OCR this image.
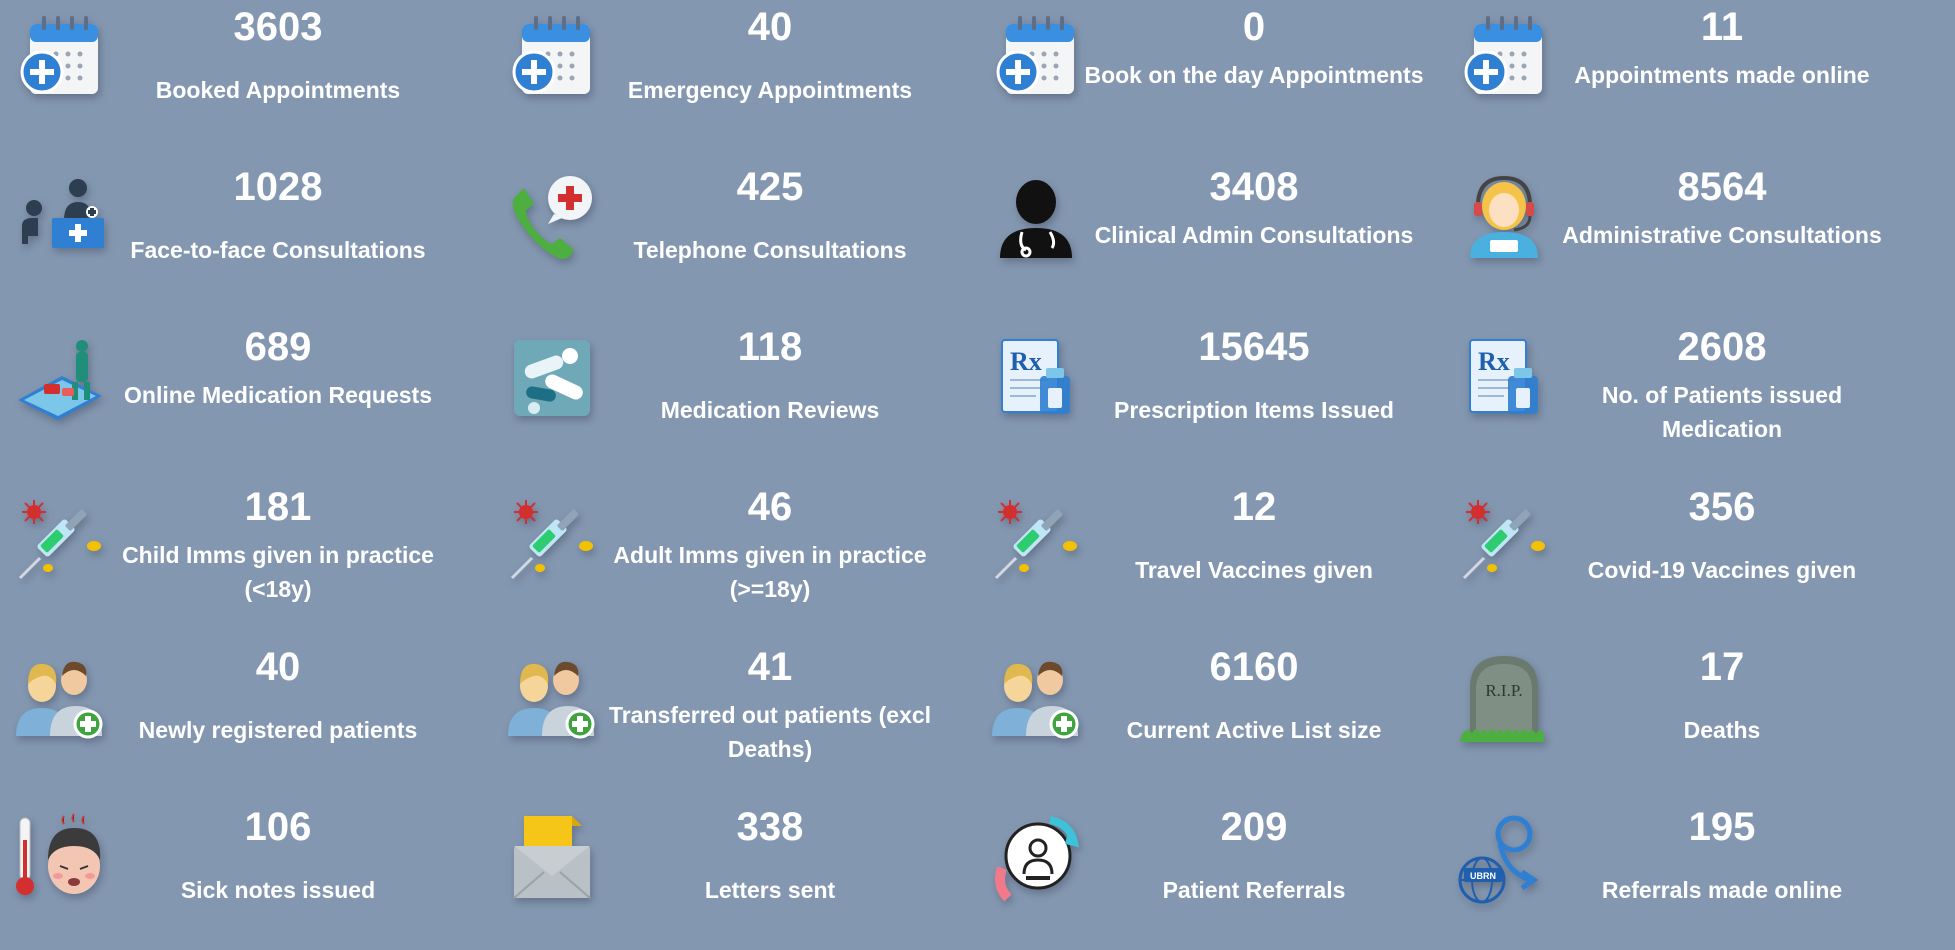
3603
Booked Appointments
40
Emergency Appointments
0
Book on the day Appointments
11
Appointments made online
1028
Face-to-face Consultations
425
Telephone Consultations
3408
Clinical Admin Consultations
8564
Administrative Consultations
689
Online Medication Requests
118
Medication Reviews
Rx	15645
Prescription Items Issued
Rx	2608
No. of Patients issued Medication
181
Child Imms given in practice (<18y)
46
Adult Imms given in practice (>=18y)
12
Travel Vaccines given
356
Covid-19 Vaccines given
40
Newly registered patients
41
Transferred out patients (excl Deaths)
6160
Current Active List size
R.I.P.
17
Deaths
106
Sick notes issued
338
Letters sent
209
Patient Referrals
UBRN
195
Referrals made online
